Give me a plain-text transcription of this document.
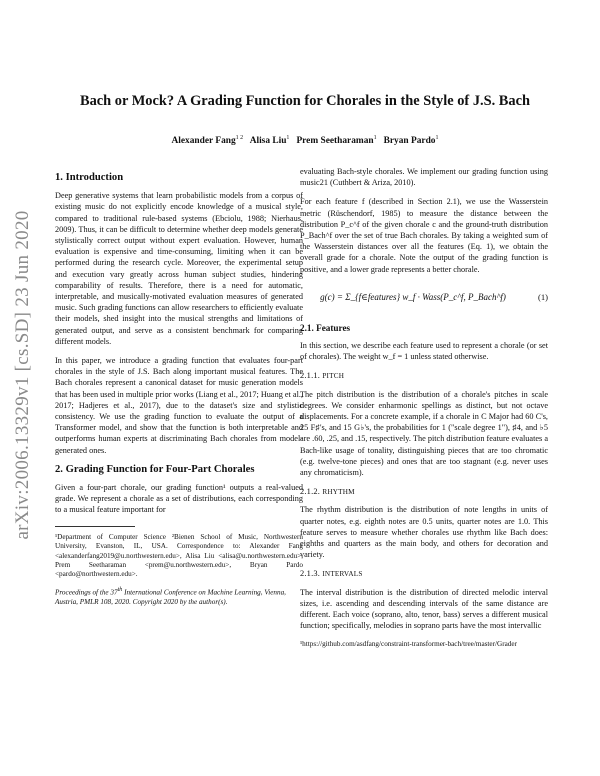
arXiv:2006.13329v1 [cs.SD] 23 Jun 2020
Bach or Mock? A Grading Function for Chorales in the Style of J.S. Bach
Alexander Fang$^{1 2}$ Alisa Liu$^1$ Prem Seetharaman$^1$ Bryan Pardo$^1$
1. Introduction

Deep generative systems that learn probabilistic models from a corpus of existing music do not explicitly encode knowledge of a musical style, compared to traditional rule-based systems (Ebciolu, 1988; Nierhaus, 2009). Thus, it can be difficult to determine whether deep models generate stylistically correct output without expert evaluation. However, human evaluation is expensive and time-consuming, limiting when it can be performed during the research cycle. Moreover, the experimental setup and execution vary greatly across human subject studies, hindering comparability of results. Therefore, there is a need for automatic, interpretable, and musically-motivated evaluation measures of generated music. Such grading functions can allow researchers to efficiently evaluate their models, shed insight into the musical strengths and limitations of generated output, and serve as a consistent benchmark for comparing different models.

In this paper, we introduce a grading function that evaluates four-part chorales in the style of J.S. Bach along important musical features. The Bach chorales represent a canonical dataset for music generation models that has been used in multiple prior works (Liang et al., 2017; Huang et al., 2017; Hadjeres et al., 2017), due to the dataset's size and stylistic consistency. We use the grading function to evaluate the output of a Transformer model, and show that the function is both interpretable and outperforms human experts at discriminating Bach chorales from model-generated ones.

2. Grading Function for Four-Part Chorales

Given a four-part chorale, our grading function¹ outputs a real-valued grade. We represent a chorale as a set of distributions, each corresponding to a musical feature important for

¹Department of Computer Science ²Bienen School of Music, Northwestern University, Evanston, IL, USA. Correspondence to: Alexander Fang <alexanderfang2019@u.northwestern.edu>, Alisa Liu <alisa@u.northwestern.edu>, Prem Seetharaman <prem@u.northwestern.edu>, Bryan Pardo <pardo@northwestern.edu>.
Proceedings of the 37th International Conference on Machine Learning, Vienna, Austria, PMLR 108, 2020. Copyright 2020 by the author(s).

evaluating Bach-style chorales. We implement our grading function using music21 (Cuthbert & Ariza, 2010).

For each feature f (described in Section 2.1), we use the Wasserstein metric (Rüschendorf, 1985) to measure the distance between the distribution P_c^f of the given chorale c and the ground-truth distribution P_Bach^f over the set of true Bach chorales. By taking a weighted sum of the Wasserstein distances over all the features (Eq. 1), we obtain the overall grade for a chorale. Note the output of the grading function is positive, and a lower grade represents a better chorale.

g(c) = Σ_{f∈features} w_f · Wass(P_c^f, P_Bach^f)	(1)
2.1. Features

In this section, we describe each feature used to represent a chorale (or set of chorales). The weight w_f = 1 unless stated otherwise.

2.1.1. PITCH

The pitch distribution is the distribution of a chorale's pitches in scale degrees. We consider enharmonic spellings as distinct, but not octave displacements. For a concrete example, if a chorale in C Major had 60 C's, 25 F♯'s, and 15 G♭'s, the probabilities for 1 ("scale degree 1"), ♯4, and ♭5 are .60, .25, and .15, respectively. The pitch distribution feature evaluates a Bach-like usage of tonality, distinguishing pieces that are too chromatic (e.g. twelve-tone pieces) and ones that are too stagnant (e.g. never uses any chromaticism).

2.1.2. RHYTHM

The rhythm distribution is the distribution of note lengths in units of quarter notes, e.g. eighth notes are 0.5 units, quarter notes are 1.0. This feature serves to measure whether chorales use rhythm like Bach does: eighths and quarters as the main body, and others for decoration and variety.

2.1.3. INTERVALS

The interval distribution is the distribution of directed melodic interval sizes, i.e. ascending and descending intervals of the same distance are different. Each voice (soprano, alto, tenor, bass) serves a different musical function; specifically, melodies in soprano parts have the most intervallic

¹https://github.com/asdfang/constraint-transformer-bach/tree/master/Grader
